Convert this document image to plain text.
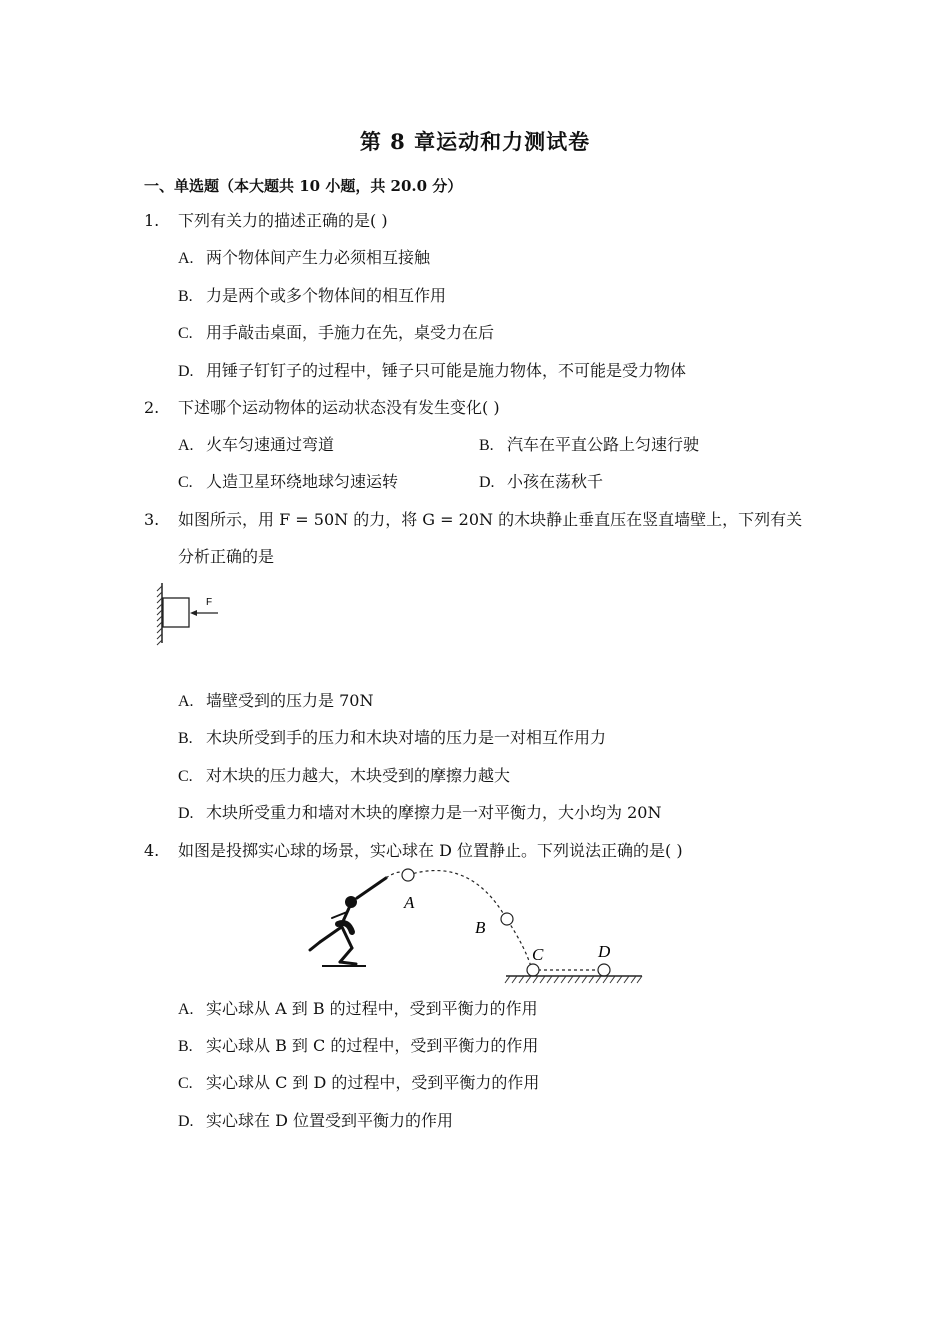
第 8 章运动和力测试卷
一、单选题（本大题共 10 小题，共 20.0 分）
1. 下列有关力的描述正确的是( )
A. 两个物体间产生力必须相互接触
B. 力是两个或多个物体间的相互作用
C. 用手敲击桌面，手施力在先，桌受力在后
D. 用锤子钉钉子的过程中，锤子只可能是施力物体，不可能是受力物体
2. 下述哪个运动物体的运动状态没有发生变化( )
A. 火车匀速通过弯道	B. 汽车在平直公路上匀速行驶
C. 人造卫星环绕地球匀速运转	D. 小孩在荡秋千
3. 如图所示，用 F = 50N 的力，将 G = 20N 的木块静止垂直压在竖直墙壁上，下列有关
分析正确的是
F
A. 墙壁受到的压力是 70N
B. 木块所受到手的压力和木块对墙的压力是一对相互作用力
C. 对木块的压力越大，木块受到的摩擦力越大
D. 木块所受重力和墙对木块的摩擦力是一对平衡力，大小均为 20N
4. 如图是投掷实心球的场景，实心球在 D 位置静止。下列说法正确的是( )
A
B
C	D
A. 实心球从 A 到 B 的过程中，受到平衡力的作用
B. 实心球从 B 到 C 的过程中，受到平衡力的作用
C. 实心球从 C 到 D 的过程中，受到平衡力的作用
D. 实心球在 D 位置受到平衡力的作用
